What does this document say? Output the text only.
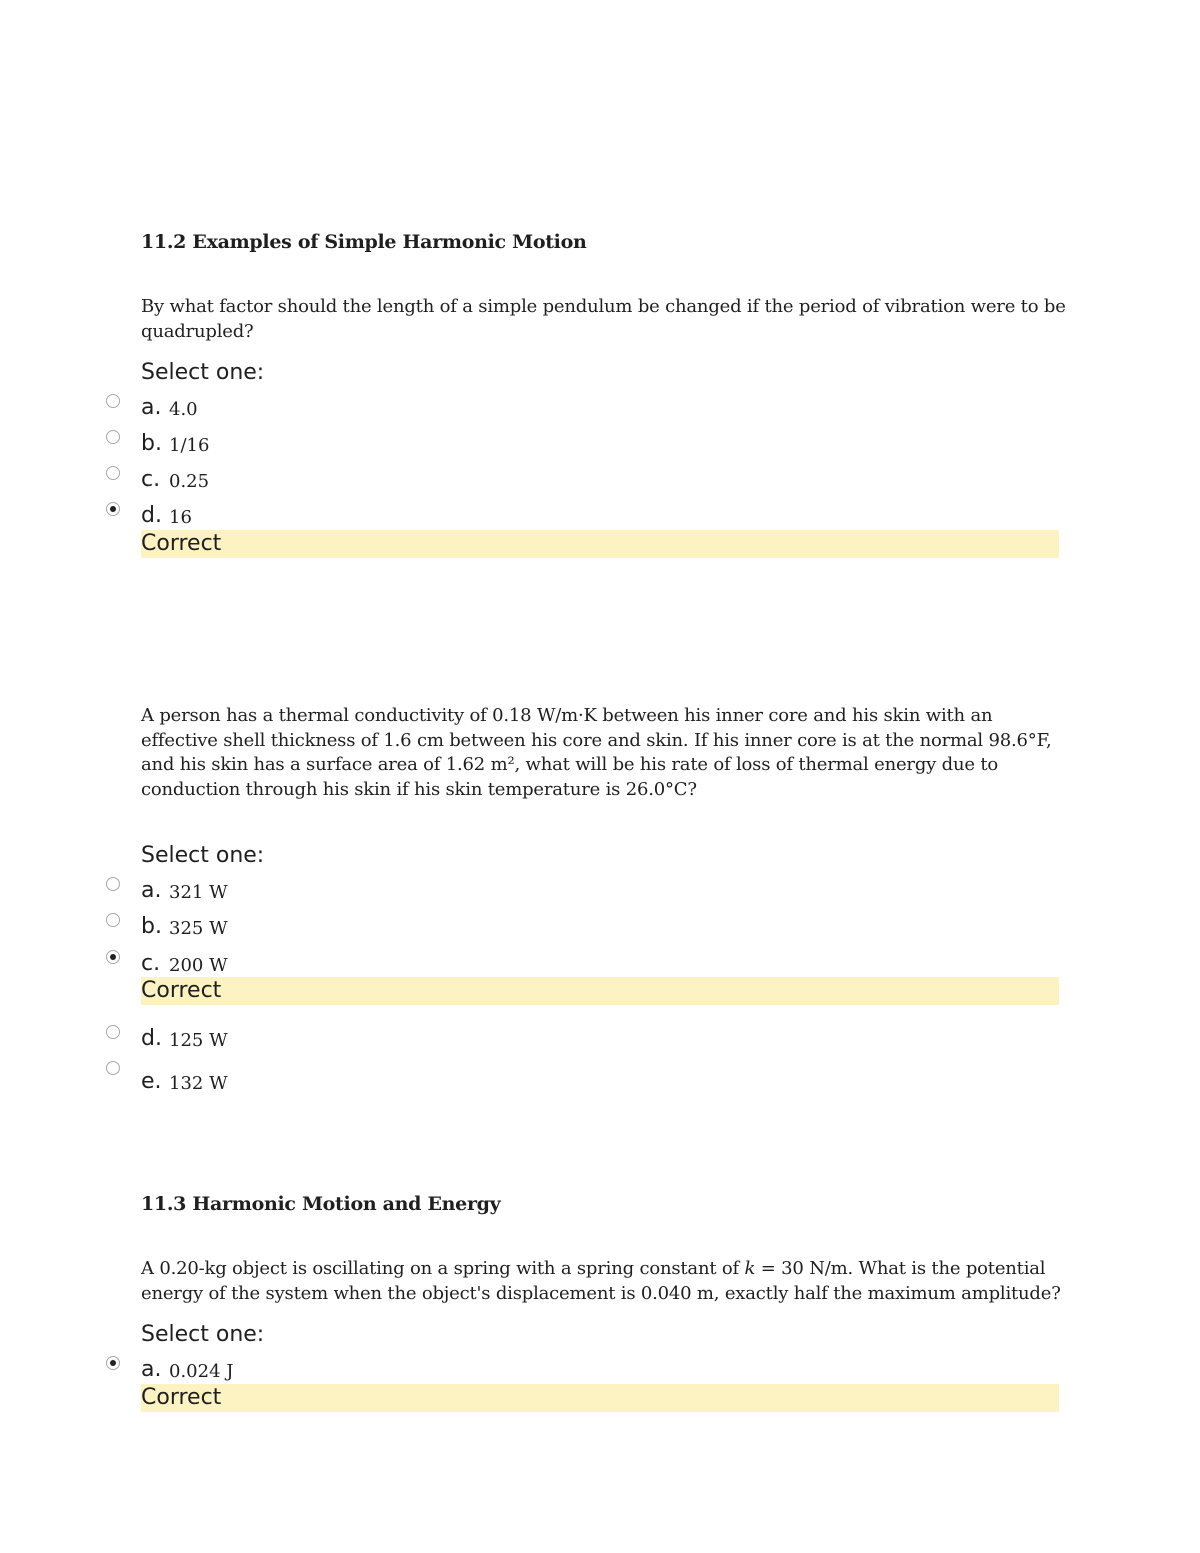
11.2 Examples of Simple Harmonic Motion
By what factor should the length of a simple pendulum be changed if the period of vibration were to be quadrupled?
Select one:
a. 4.0
b. 1/16
c. 0.25
d. 16
Correct
A person has a thermal conductivity of 0.18 W/m·K between his inner core and his skin with an effective shell thickness of 1.6 cm between his core and skin. If his inner core is at the normal 98.6°F, and his skin has a surface area of 1.62 m², what will be his rate of loss of thermal energy due to conduction through his skin if his skin temperature is 26.0°C?
Select one:
a. 321 W
b. 325 W
c. 200 W
Correct
d. 125 W
e. 132 W
11.3 Harmonic Motion and Energy
A 0.20-kg object is oscillating on a spring with a spring constant of k = 30 N/m. What is the potential energy of the system when the object's displacement is 0.040 m, exactly half the maximum amplitude?
Select one:
a. 0.024 J
Correct
